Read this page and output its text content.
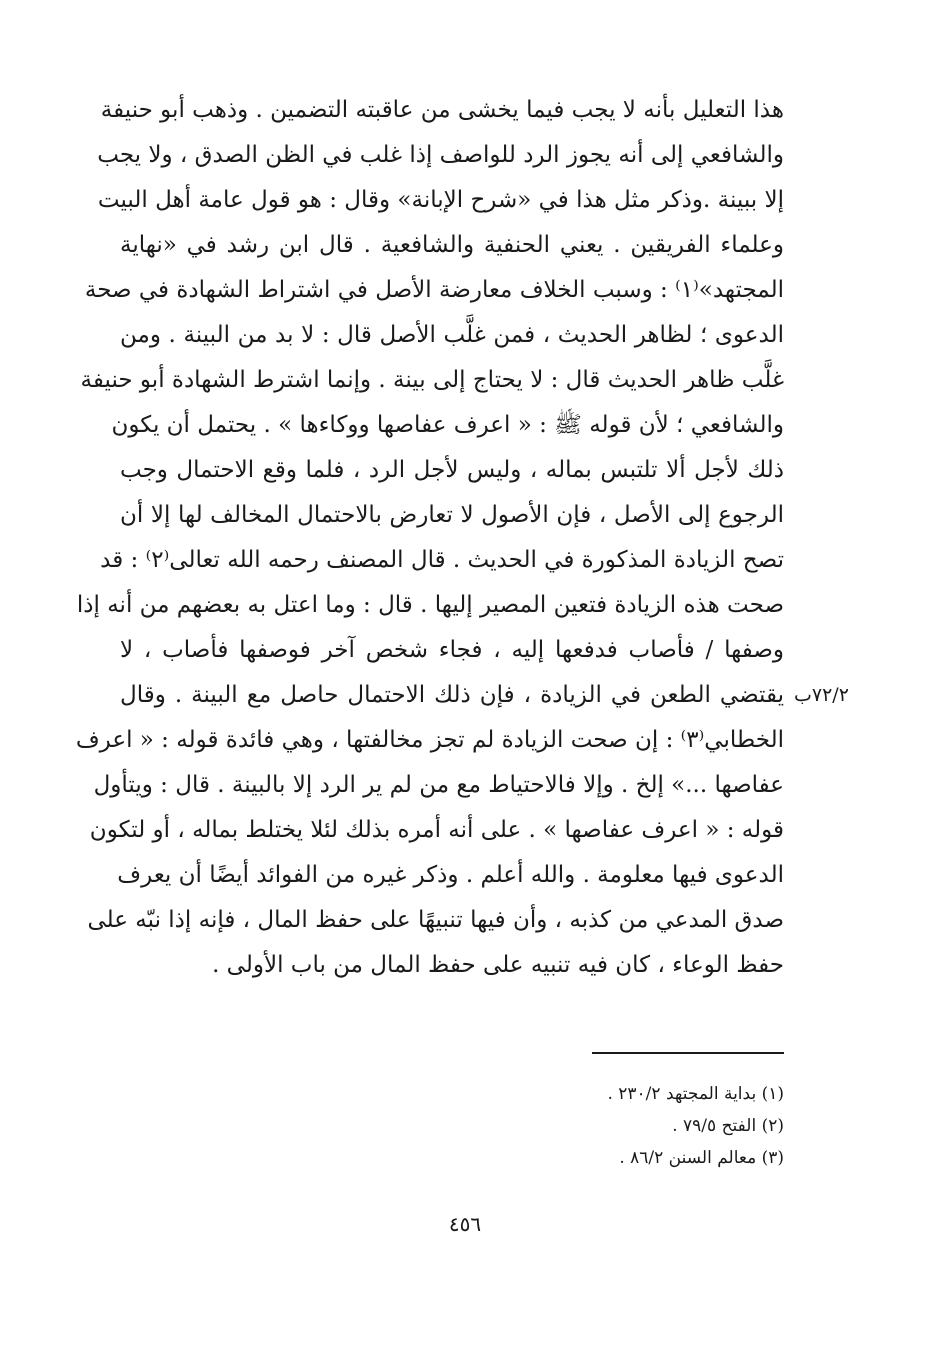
هذا التعليل بأنه لا يجب فيما يخشى من عاقبته التضمين . وذهب أبو حنيفة
والشافعي إلى أنه يجوز الرد للواصف إذا غلب في الظن الصدق ، ولا يجب
إلا ببينة .وذكر مثل هذا في «شرح الإبانة» وقال : هو قول عامة أهل البيت
وعلماء الفريقين . يعني الحنفية والشافعية . قال ابن رشد في «نهاية
المجتهد»⁽١⁾ : وسبب الخلاف معارضة الأصل في اشتراط الشهادة في صحة
الدعوى ؛ لظاهر الحديث ، فمن غلَّب الأصل قال : لا بد من البينة . ومن
غلَّب ظاهر الحديث قال : لا يحتاج إلى بينة . وإنما اشترط الشهادة أبو حنيفة
والشافعي ؛ لأن قوله ﷺ : « اعرف عفاصها ووكاءها » . يحتمل أن يكون
ذلك لأجل ألا تلتبس بماله ، وليس لأجل الرد ، فلما وقع الاحتمال وجب
الرجوع إلى الأصل ، فإن الأصول لا تعارض بالاحتمال المخالف لها إلا أن
تصح الزيادة المذكورة في الحديث . قال المصنف رحمه الله تعالى⁽٢⁾ : قد
صحت هذه الزيادة فتعين المصير إليها . قال : وما اعتل به بعضهم من أنه إذا
وصفها / فأصاب فدفعها إليه ، فجاء شخص آخر فوصفها فأصاب ، لا
يقتضي الطعن في الزيادة ، فإن ذلك الاحتمال حاصل مع البينة . وقال
الخطابي⁽٣⁾ : إن صحت الزيادة لم تجز مخالفتها ، وهي فائدة قوله : « اعرف
عفاصها ...» إلخ . وإلا فالاحتياط مع من لم ير الرد إلا بالبينة . قال : ويتأول
قوله : « اعرف عفاصها » . على أنه أمره بذلك لئلا يختلط بماله ، أو لتكون
الدعوى فيها معلومة . والله أعلم . وذكر غيره من الفوائد أيضًا أن يعرف
صدق المدعي من كذبه ، وأن فيها تنبيهًا على حفظ المال ، فإنه إذا نبّه على
حفظ الوعاء ، كان فيه تنبيه على حفظ المال من باب الأولى .
٧٢/٢ب
(١) بداية المجتهد ٢٣٠/٢ .
(٢) الفتح ٧٩/٥ .
(٣) معالم السنن ٨٦/٢ .
٤٥٦
